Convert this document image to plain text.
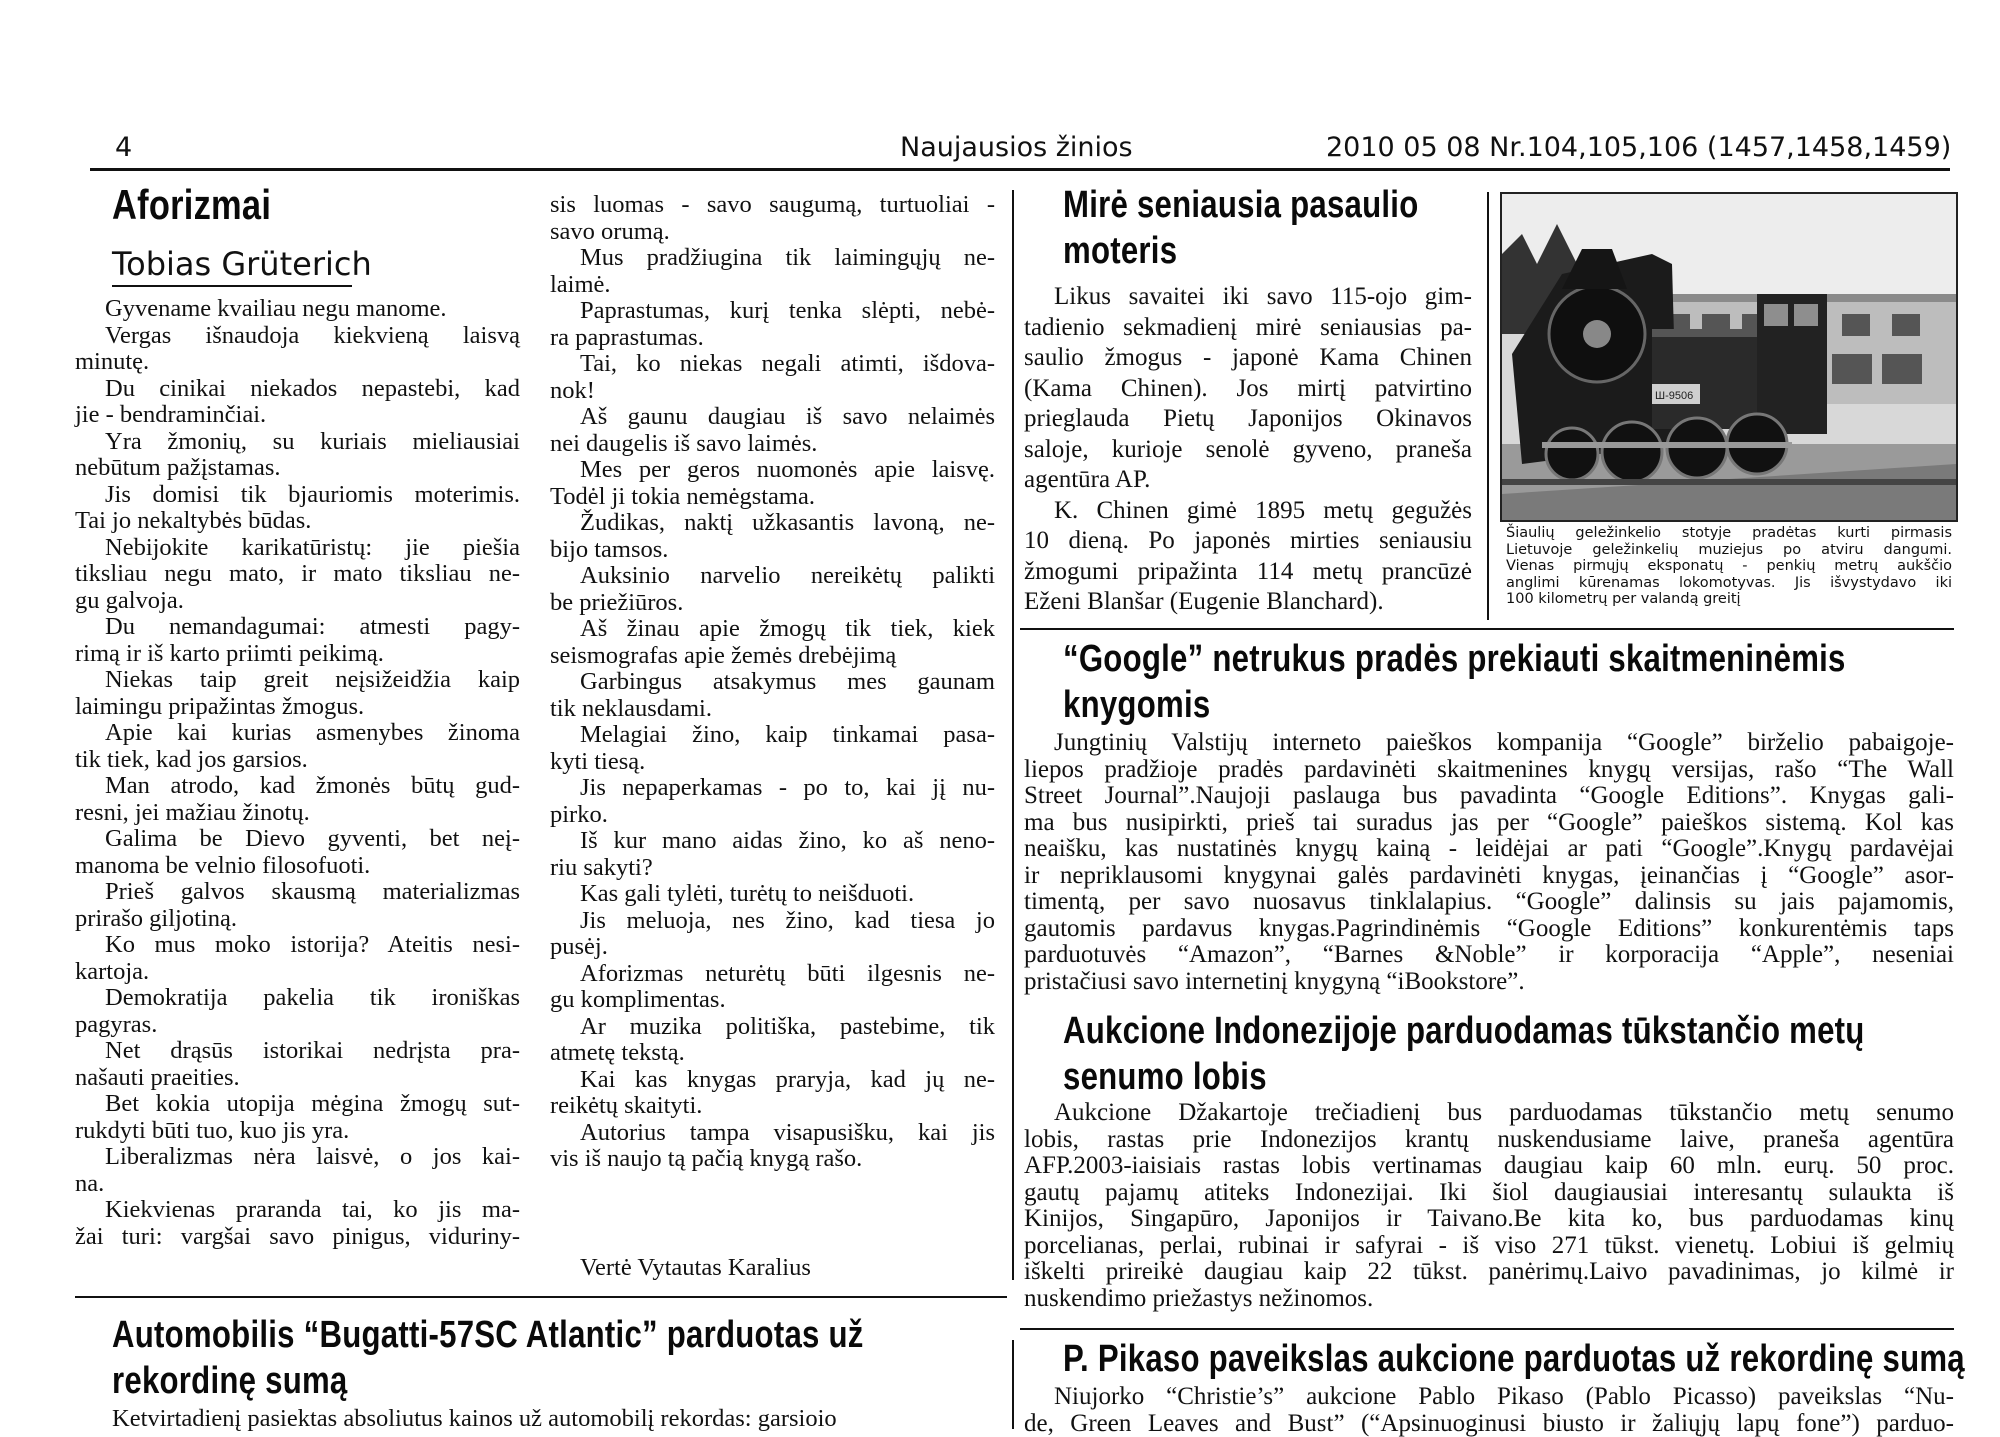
4	Naujausios žinios	2010 05 08 Nr.104,105,106 (1457,1458,1459)
Aforizmai
Tobias Grüterich
Gyvename kvailiau negu manome.
Vergas išnaudoja kiekvieną laisvą
minutę.
Du cinikai niekados nepastebi, kad
jie - bendraminčiai.
Yra žmonių, su kuriais mieliausiai
nebūtum pažįstamas.
Jis domisi tik bjauriomis moterimis.
Tai jo nekaltybės būdas.
Nebijokite karikatūristų: jie piešia
tiksliau negu mato, ir mato tiksliau ne-
gu galvoja.
Du nemandagumai: atmesti pagy-
rimą ir iš karto priimti peikimą.
Niekas taip greit neįsižeidžia kaip
laimingu pripažintas žmogus.
Apie kai kurias asmenybes žinoma
tik tiek, kad jos garsios.
Man atrodo, kad žmonės būtų gud-
resni, jei mažiau žinotų.
Galima be Dievo gyventi, bet neį-
manoma be velnio filosofuoti.
Prieš galvos skausmą materializmas
prirašo giljotiną.
Ko mus moko istorija? Ateitis nesi-
kartoja.
Demokratija pakelia tik ironiškas
pagyras.
Net drąsūs istorikai nedrįsta pra-
našauti praeities.
Bet kokia utopija mėgina žmogų sut-
rukdyti būti tuo, kuo jis yra.
Liberalizmas nėra laisvė, o jos kai-
na.
Kiekvienas praranda tai, ko jis ma-
žai turi: vargšai savo pinigus, viduriny-
sis luomas - savo saugumą, turtuoliai -
savo orumą.
Mus pradžiugina tik laimingųjų ne-
laimė.
Paprastumas, kurį tenka slėpti, nebė-
ra paprastumas.
Tai, ko niekas negali atimti, išdova-
nok!
Aš gaunu daugiau iš savo nelaimės
nei daugelis iš savo laimės.
Mes per geros nuomonės apie laisvę.
Todėl ji tokia nemėgstama.
Žudikas, naktį užkasantis lavoną, ne-
bijo tamsos.
Auksinio narvelio nereikėtų palikti
be priežiūros.
Aš žinau apie žmogų tik tiek, kiek
seismografas apie žemės drebėjimą
Garbingus atsakymus mes gaunam
tik neklausdami.
Melagiai žino, kaip tinkamai pasa-
kyti tiesą.
Jis nepaperkamas - po to, kai jį nu-
pirko.
Iš kur mano aidas žino, ko aš neno-
riu sakyti?
Kas gali tylėti, turėtų to neišduoti.
Jis meluoja, nes žino, kad tiesa jo
pusėj.
Aforizmas neturėtų būti ilgesnis ne-
gu komplimentas.
Ar muzika politiška, pastebime, tik
atmetę tekstą.
Kai kas knygas praryja, kad jų ne-
reikėtų skaityti.
Autorius tampa visapusišku, kai jis
vis iš naujo tą pačią knygą rašo.
Vertė Vytautas Karalius
Automobilis “Bugatti-57SC Atlantic” parduotas už
rekordinę sumą
Ketvirtadienį pasiektas absoliutus kainos už automobilį rekordas: garsioio
Mirė seniausia pasaulio
moteris
Likus savaitei iki savo 115-ojo gim-
tadienio sekmadienį mirė seniausias pa-
saulio žmogus - japonė Kama Chinen
(Kama Chinen). Jos mirtį patvirtino
prieglauda Pietų Japonijos Okinavos
saloje, kurioje senolė gyveno, praneša
agentūra AP.
K. Chinen gimė 1895 metų gegužės
10 dieną. Po japonės mirties seniausiu
žmogumi pripažinta 114 metų prancūzė
Eženi Blanšar (Eugenie Blanchard).
Ш-9506
Šiaulių geležinkelio stotyje pradėtas kurti pirmasis
Lietuvoje geležinkelių muziejus po atviru dangumi.
Vienas pirmųjų eksponatų - penkių metrų aukščio
anglimi kūrenamas lokomotyvas. Jis išvystydavo iki
100 kilometrų per valandą greitį
“Google” netrukus pradės prekiauti skaitmeninėmis
knygomis
Jungtinių Valstijų interneto paieškos kompanija “Google” birželio pabaigoje-
liepos pradžioje pradės pardavinėti skaitmenines knygų versijas, rašo “The Wall
Street Journal”.Naujoji paslauga bus pavadinta “Google Editions”. Knygas gali-
ma bus nusipirkti, prieš tai suradus jas per “Google” paieškos sistemą. Kol kas
neaišku, kas nustatinės knygų kainą - leidėjai ar pati “Google”.Knygų pardavėjai
ir nepriklausomi knygynai galės pardavinėti knygas, įeinančias į “Google” asor-
timentą, per savo nuosavus tinklalapius. “Google” dalinsis su jais pajamomis,
gautomis pardavus knygas.Pagrindinėmis “Google Editions” konkurentėmis taps
parduotuvės “Amazon”, “Barnes &Noble” ir korporacija “Apple”, neseniai
pristačiusi savo internetinį knygyną “iBookstore”.
Aukcione Indonezijoje parduodamas tūkstančio metų
senumo lobis
Aukcione Džakartoje trečiadienį bus parduodamas tūkstančio metų senumo
lobis, rastas prie Indonezijos krantų nuskendusiame laive, praneša agentūra
AFP.2003-iaisiais rastas lobis vertinamas daugiau kaip 60 mln. eurų. 50 proc.
gautų pajamų atiteks Indonezijai. Iki šiol daugiausiai interesantų sulaukta iš
Kinijos, Singapūro, Japonijos ir Taivano.Be kita ko, bus parduodamas kinų
porcelianas, perlai, rubinai ir safyrai - iš viso 271 tūkst. vienetų. Lobiui iš gelmių
iškelti prireikė daugiau kaip 22 tūkst. panėrimų.Laivo pavadinimas, jo kilmė ir
nuskendimo priežastys nežinomos.
P. Pikaso paveikslas aukcione parduotas už rekordinę sumą
Niujorko “Christie’s” aukcione Pablo Pikaso (Pablo Picasso) paveikslas “Nu-
de, Green Leaves and Bust” (“Apsinuoginusi biusto ir žaliųjų lapų fone”) parduo-
